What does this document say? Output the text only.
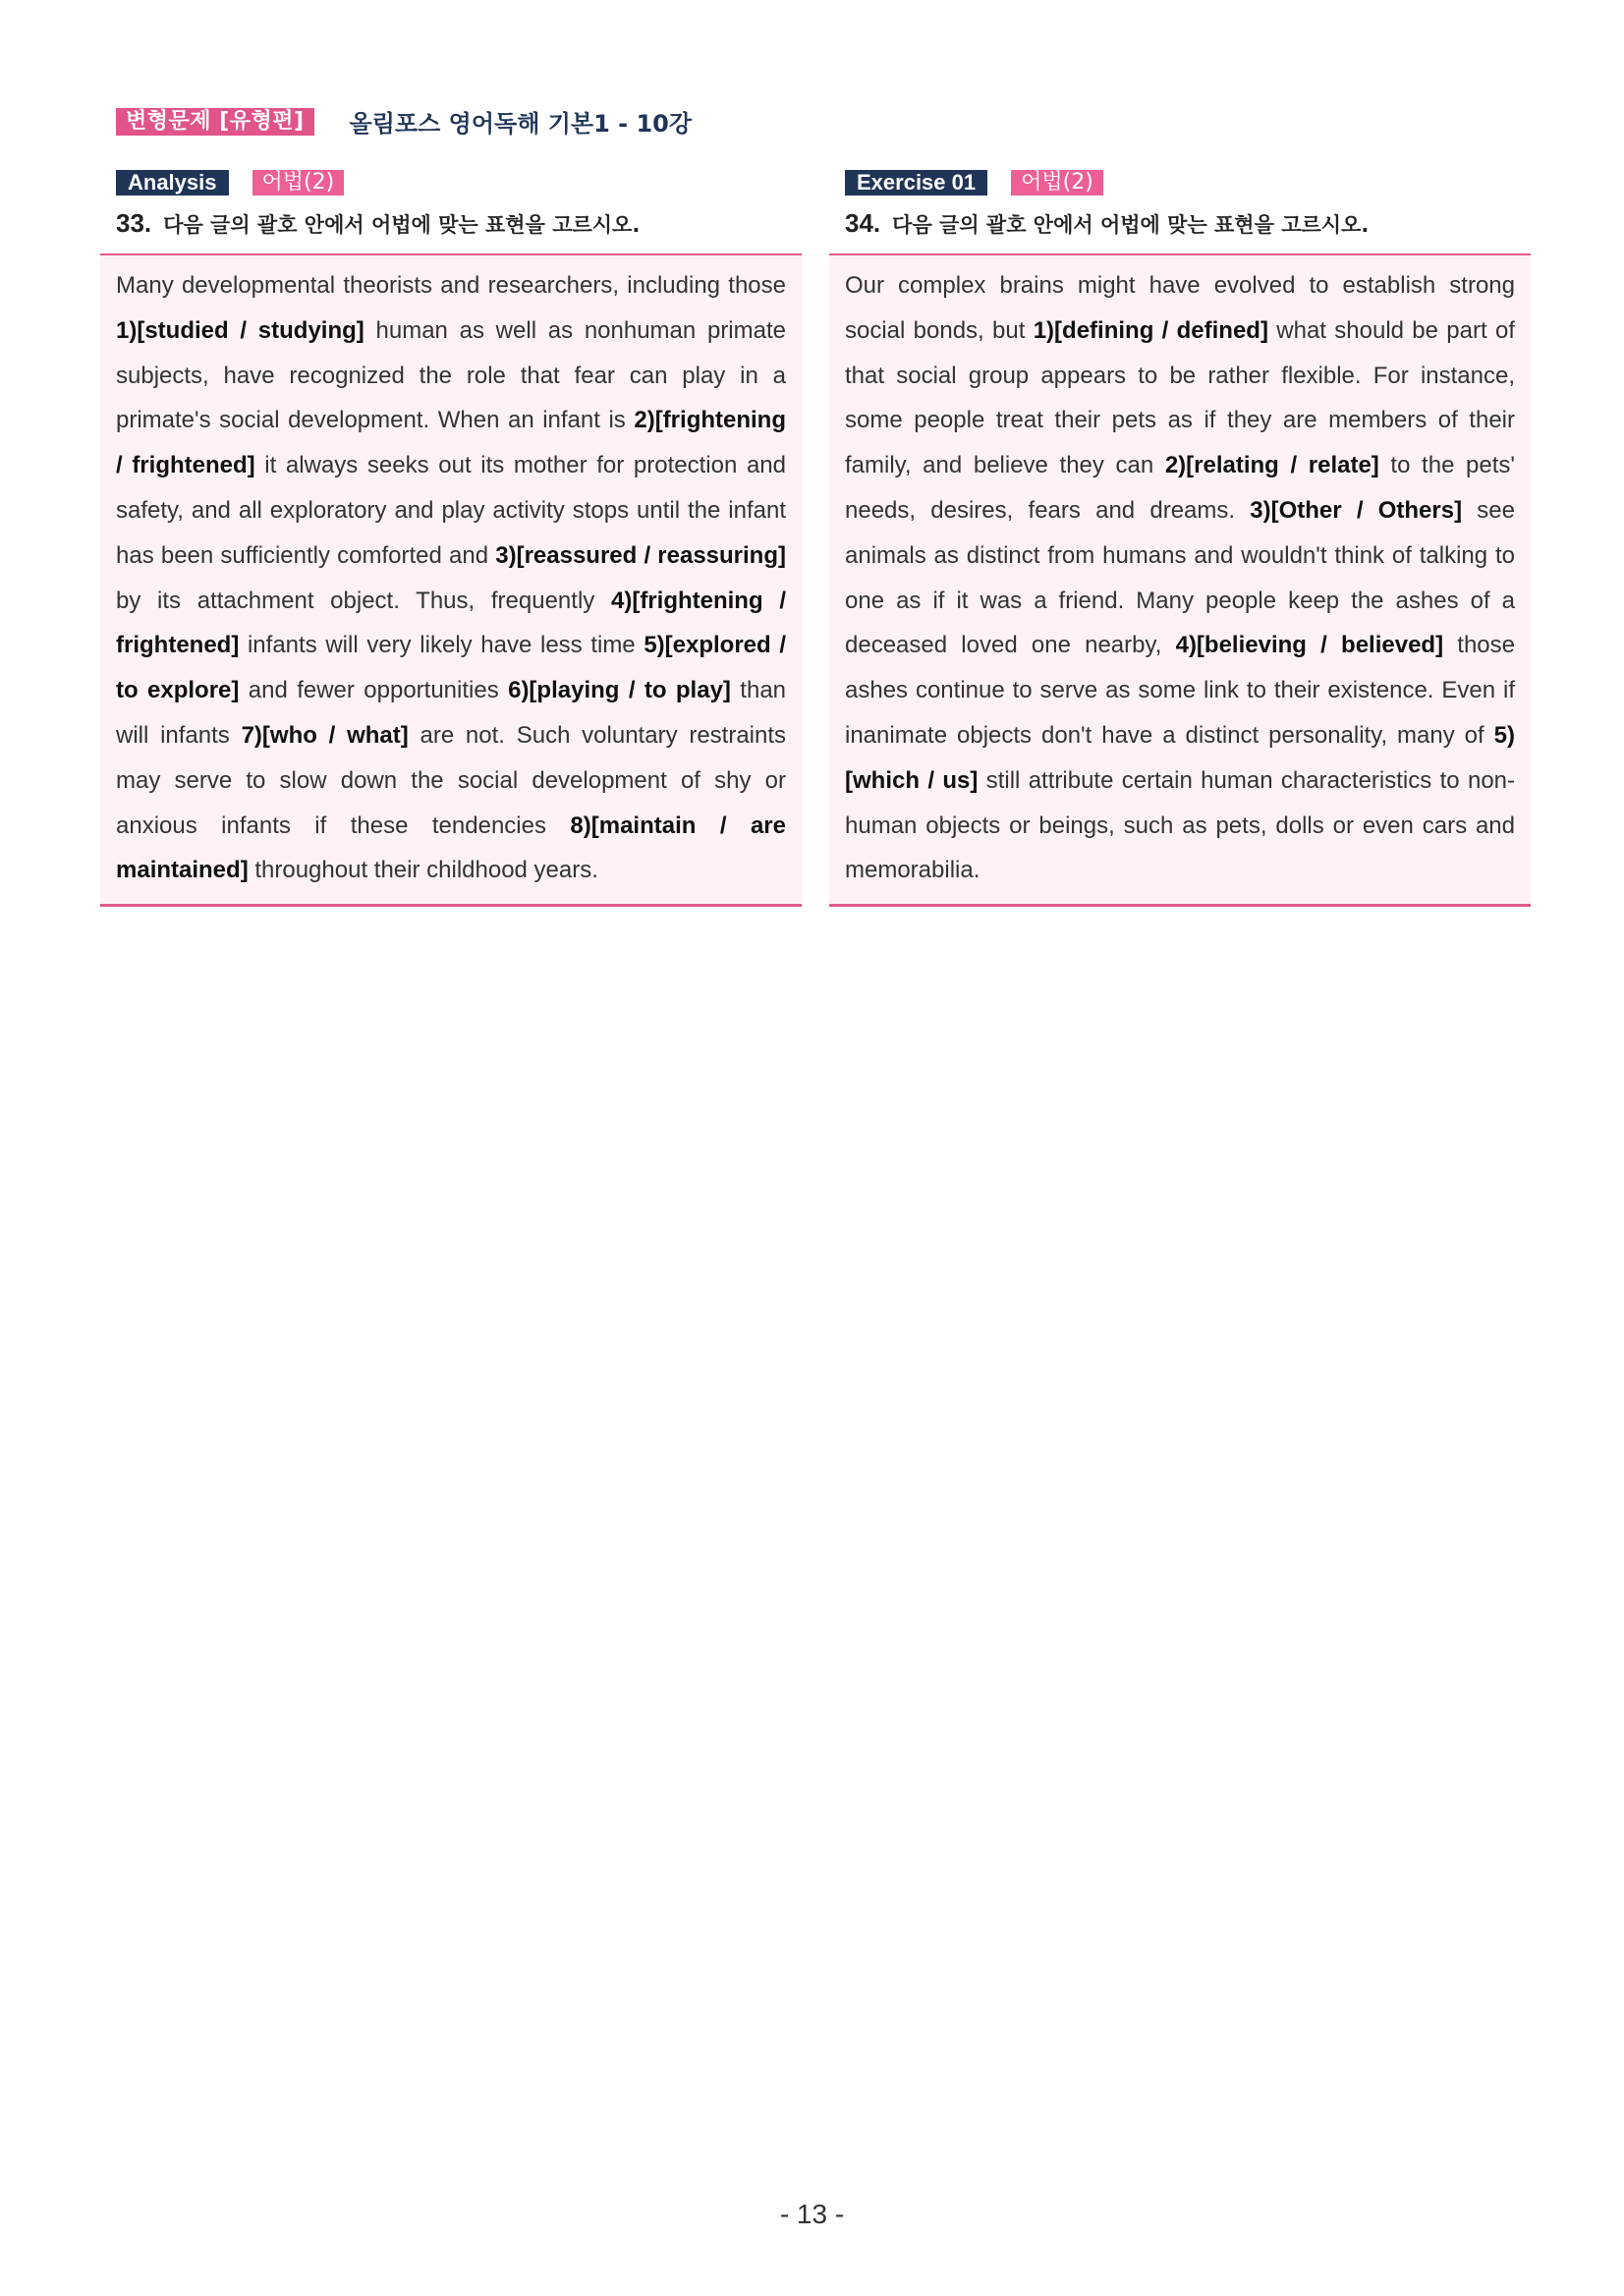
변형문제 [유형편]	올림포스 영어독해 기본1 - 10강
Analysis	어법(2)
33. 다음 글의 괄호 안에서 어법에 맞는 표현을 고르시오.
Many developmental theorists and researchers, including those 1)[studied / studying] human as well as nonhuman primate subjects, have recognized the role that fear can play in a primate's social development. When an infant is 2)[frightening / frightened] it always seeks out its mother for protection and safety, and all exploratory and play activity stops until the infant has been sufficiently comforted and 3)[reassured / reassuring] by its attachment object. Thus, frequently 4)[frightening / frightened] infants will very likely have less time 5)[explored / to explore] and fewer opportunities 6)[playing / to play] than will infants 7)[who / what] are not. Such voluntary restraints may serve to slow down the social development of shy or anxious infants if these tendencies 8)[maintain / are maintained] throughout their childhood years.
Exercise 01	어법(2)
34. 다음 글의 괄호 안에서 어법에 맞는 표현을 고르시오.
Our complex brains might have evolved to establish strong social bonds, but 1)[defining / defined] what should be part of that social group appears to be rather flexible. For instance, some people treat their pets as if they are members of their family, and believe they can 2)[relating / relate] to the pets' needs, desires, fears and dreams. 3)[Other / Others] see animals as distinct from humans and wouldn't think of talking to one as if it was a friend. Many people keep the ashes of a deceased loved one nearby, 4)[believing / believed] those ashes continue to serve as some link to their existence. Even if inanimate objects don't have a distinct personality, many of 5)[which / us] still attribute certain human characteristics to non-human objects or beings, such as pets, dolls or even cars and memorabilia.
- 13 -
